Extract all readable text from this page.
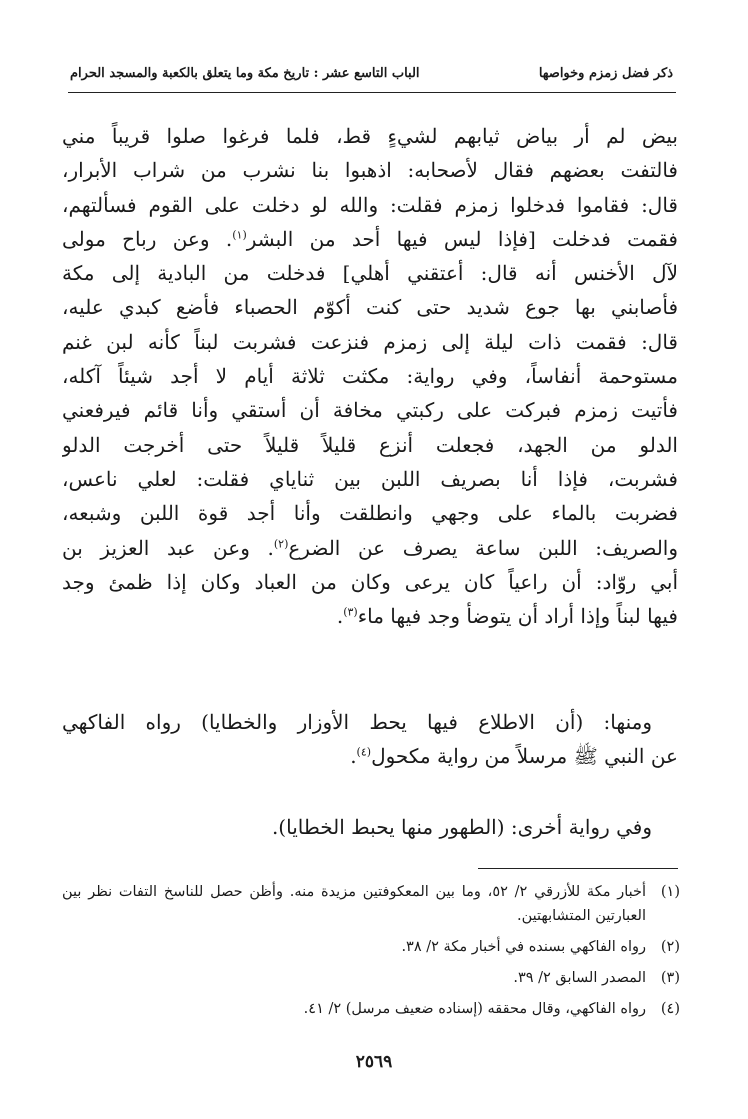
ذكر فضل زمزم وخواصها
الباب التاسع عشر : تاريخ مكة وما يتعلق بالكعبة والمسجد الحرام
بيض لم أر بياض ثيابهم لشيءٍ قط، فلما فرغوا صلوا قريباً مني
فالتفت بعضهم فقال لأصحابه: اذهبوا بنا نشرب من شراب الأبرار،
قال: فقاموا فدخلوا زمزم فقلت: والله لو دخلت على القوم فسألتهم،
فقمت فدخلت [فإذا ليس فيها أحد من البشر$^{(١)}$. وعن رباح مولى
لآل الأخنس أنه قال: أعتقني أهلي] فدخلت من البادية إلى مكة
فأصابني بها جوع شديد حتى كنت أكوّم الحصباء فأضع كبدي عليه،
قال: فقمت ذات ليلة إلى زمزم فنزعت فشربت لبناً كأنه لبن غنم
مستوحمة أنفاساً، وفي رواية: مكثت ثلاثة أيام لا أجد شيئاً آكله،
فأتيت زمزم فبركت على ركبتي مخافة أن أستقي وأنا قائم فيرفعني
الدلو من الجهد، فجعلت أنزع قليلاً قليلاً حتى أخرجت الدلو
فشربت، فإذا أنا بصريف اللبن بين ثناياي فقلت: لعلي ناعس،
فضربت بالماء على وجهي وانطلقت وأنا أجد قوة اللبن وشبعه،
والصريف: اللبن ساعة يصرف عن الضرع$^{(٢)}$. وعن عبد العزيز بن
أبي روّاد: أن راعياً كان يرعى وكان من العباد وكان إذا ظمئ وجد
فيها لبناً وإذا أراد أن يتوضأ وجد فيها ماء$^{(٣)}$.
ومنها: (أن الاطلاع فيها يحط الأوزار والخطايا) رواه الفاكهي
عن النبي ﷺ مرسلاً من رواية مكحول$^{(٤)}$.
وفي رواية أخرى: (الطهور منها يحبط الخطايا).
(١)
أخبار مكة للأزرقي ٢/ ٥٢، وما بين المعكوفتين مزيدة منه. وأظن حصل للناسخ التفات نظر بين العبارتين المتشابهتين.
(٢)
رواه الفاكهي بسنده في أخبار مكة ٢/ ٣٨.
(٣)
المصدر السابق ٢/ ٣٩.
(٤)
رواه الفاكهي، وقال محققه (إسناده ضعيف مرسل) ٢/ ٤١.
٢٥٦٩
